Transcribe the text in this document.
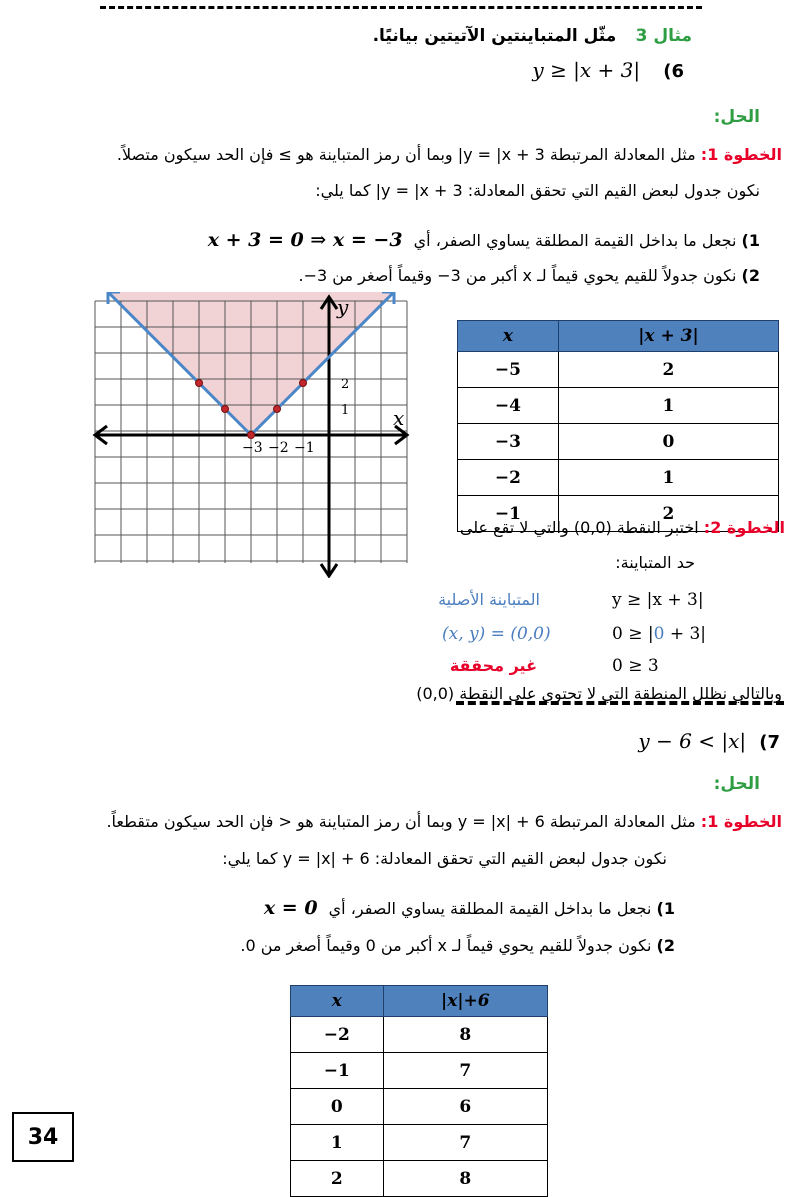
مثال 3 مثّل المتباينتين الآتيتين بيانيًا.
y ≥ |x + 3| (6
الحل:
الخطوة 1: مثل المعادلة المرتبطة y = |x + 3| وبما أن رمز المتباينة هو ≥ فإن الحد سيكون متصلاً.
نكون جدول لبعض القيم التي تحقق المعادلة: y = |x + 3| كما يلي:
1) نجعل ما بداخل القيمة المطلقة يساوي الصفر، أي x + 3 = 0 ⇒ x = −3
2) نكون جدولاً للقيم يحوي قيماً لـ x أكبر من 3− وقيماً أصغر من 3−.
x
y
−3 −2 −1
2
1
x	|x + 3|
−5	2
−4	1
−3	0
−2	1
−1	2
الخطوة 2: اختبر النقطة (0,0) والتي لا تقع على
حد المتباينة:
y ≥ |x + 3|
المتباينة الأصلية
0 ≥ |0 + 3|
(x, y) = (0,0)
0 ≥ 3
غير محققة
وبالتالي نظلل المنطقة التي لا تحتوي على النقطة (0,0)
y − 6 < |x| (7
الحل:
الخطوة 1: مثل المعادلة المرتبطة y = |x| + 6 وبما أن رمز المتباينة هو < فإن الحد سيكون متقطعاً.
نكون جدول لبعض القيم التي تحقق المعادلة: y = |x| + 6 كما يلي:
1) نجعل ما بداخل القيمة المطلقة يساوي الصفر، أي x = 0
2) نكون جدولاً للقيم يحوي قيماً لـ x أكبر من 0 وقيماً أصغر من 0.
x	|x|+6
−2	8
−1	7
0	6
1	7
2	8
34
